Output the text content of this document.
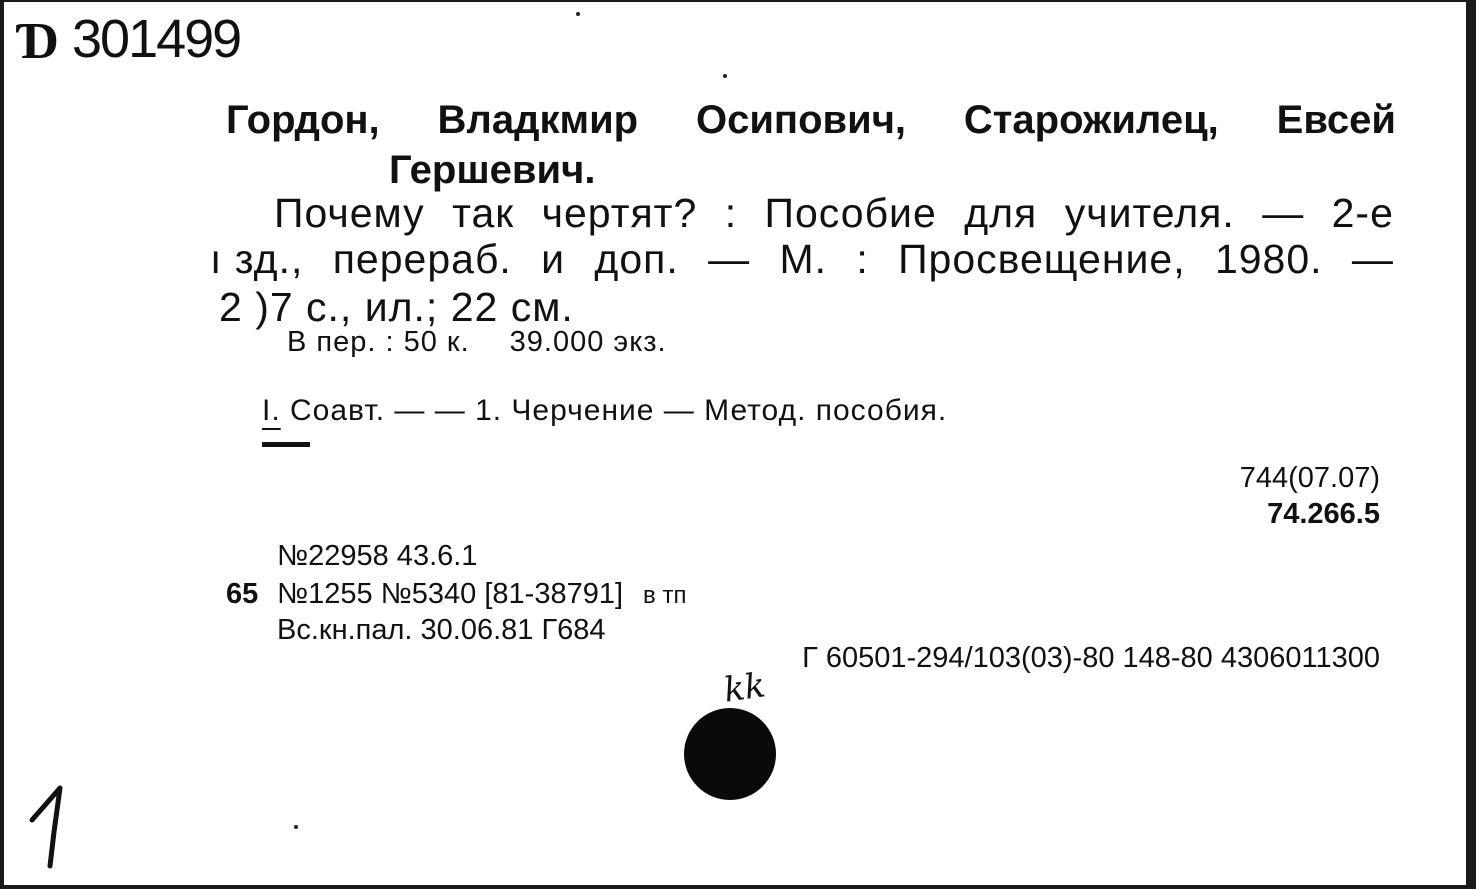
Ɗ 301499
Гордон, Владкмир Осипович, Старожилец, Евсей
Гершевич.
Почему так чертят? : Пособие для учителя. — 2-е
ı зд., перераб. и доп. — М. : Просвещение, 1980. —
2 )7 с., ил.; 22 см.
В пер. : 50 к. 39.000 экз.
I. Соавт. — — 1. Черчение — Метод. пособия.
744(07.07)
74.266.5
№22958 43.6.1
65 №1255 №5340 [81-38791] в тп
Вс.кн.пал. 30.06.81 Г684
Г 60501-294/103(03)-80 148-80 4306011300
kk
